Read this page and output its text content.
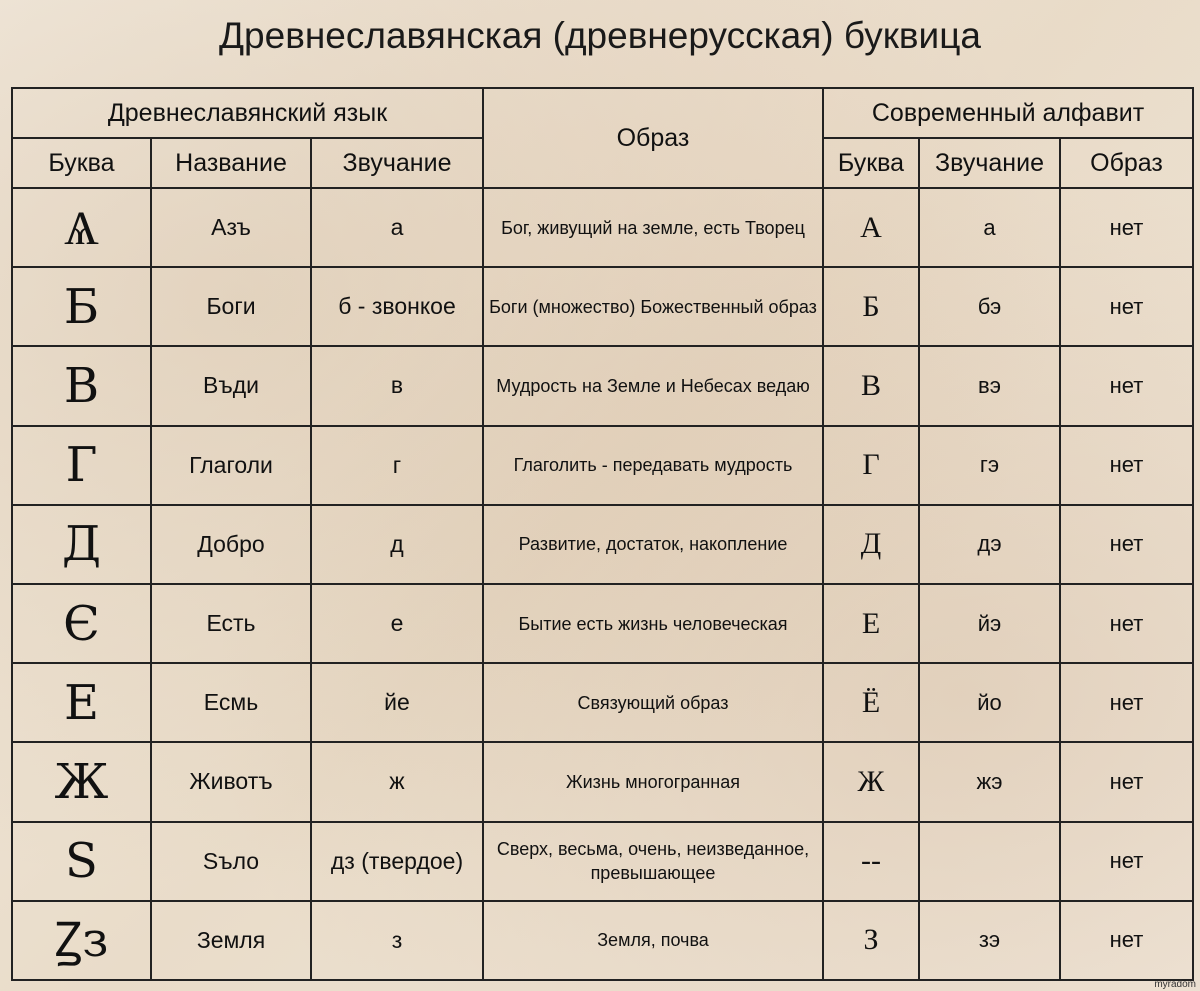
Древнеславянская (древнерусская) буквица
Древнеславянский язык			Образ	Современный алфавит		
Буква	Название	Звучание		Буква	Звучание	Образ
Ѧ	Азъ	а	Бог, живущий на земле, есть Творец	А	а	нет
Б	Боги	б - звонкое	Боги (множество) Божественный образ	Б	бэ	нет
В	Въди	в	Мудрость на Земле и Небесах ведаю	В	вэ	нет
Г	Глаголи	г	Глаголить - передавать мудрость	Г	гэ	нет
Д	Добро	д	Развитие, достаток, накопление	Д	дэ	нет
Є	Есть	е	Бытие есть жизнь человеческая	Е	йэ	нет
Е	Есмь	йе	Связующий образ	Ё	йо	нет
Ж	Животъ	ж	Жизнь многогранная	Ж	жэ	нет
Ѕ	Sъло	дз (твердое)	Сверх, весьма, очень, неизведанное, превышающее	--		нет
Ꙁз	Земля	з	Земля, почва	З	зэ	нет
myradom
